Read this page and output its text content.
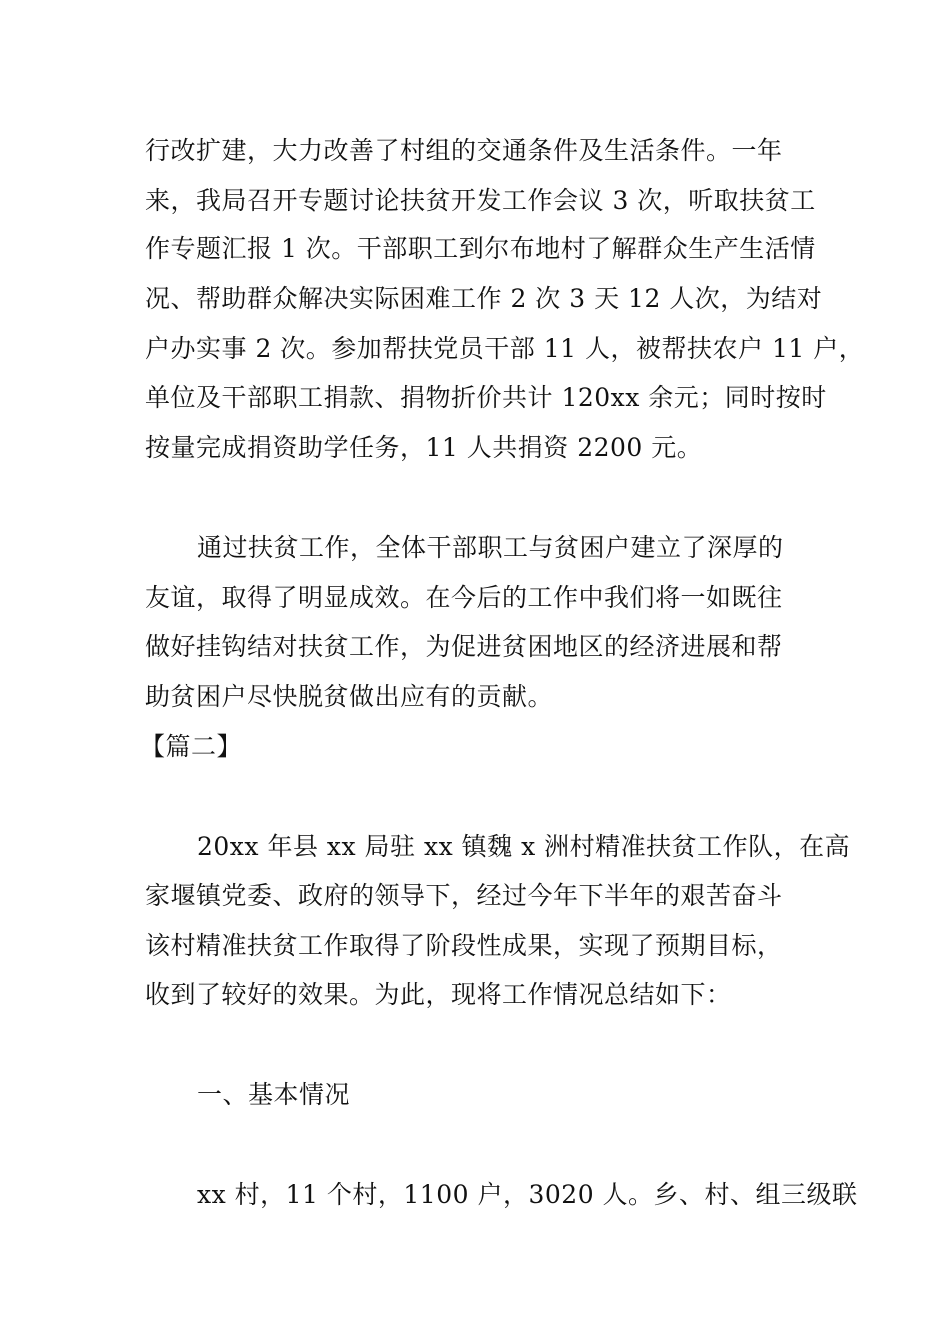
行改扩建，大力改善了村组的交通条件及生活条件。一年
来，我局召开专题讨论扶贫开发工作会议 3 次，听取扶贫工
作专题汇报 1 次。干部职工到尔布地村了解群众生产生活情
况、帮助群众解决实际困难工作 2 次 3 天 12 人次，为结对
户办实事 2 次。参加帮扶党员干部 11 人，被帮扶农户 11 户，
单位及干部职工捐款、捐物折价共计 120xx 余元；同时按时
按量完成捐资助学任务，11 人共捐资 2200 元。
通过扶贫工作，全体干部职工与贫困户建立了深厚的
友谊，取得了明显成效。在今后的工作中我们将一如既往
做好挂钩结对扶贫工作，为促进贫困地区的经济进展和帮
助贫困户尽快脱贫做出应有的贡献。
【篇二】
20xx 年县 xx 局驻 xx 镇魏 x 洲村精准扶贫工作队，在高
家堰镇党委、政府的领导下，经过今年下半年的艰苦奋斗
该村精准扶贫工作取得了阶段性成果，实现了预期目标，
收到了较好的效果。为此，现将工作情况总结如下：
一、基本情况
xx 村，11 个村，1100 户，3020 人。乡、村、组三级联
